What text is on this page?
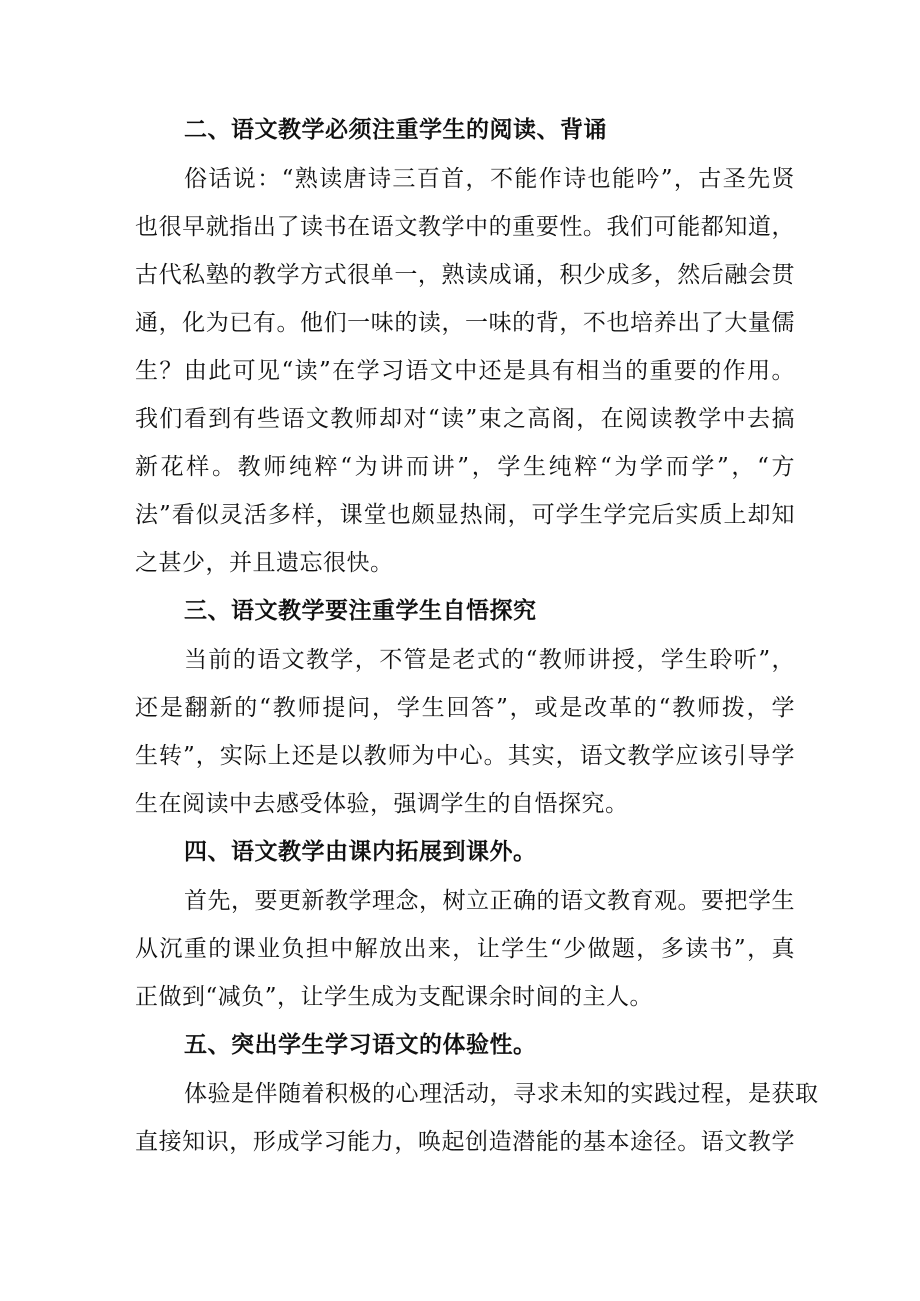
二、语文教学必须注重学生的阅读、背诵
俗话说：“熟读唐诗三百首，不能作诗也能吟”，古圣先贤
也很早就指出了读书在语文教学中的重要性。我们可能都知道，
古代私塾的教学方式很单一，熟读成诵，积少成多，然后融会贯
通，化为已有。他们一味的读，一味的背，不也培养出了大量儒
生？由此可见“读”在学习语文中还是具有相当的重要的作用。
我们看到有些语文教师却对“读”束之高阁，在阅读教学中去搞
新花样。教师纯粹“为讲而讲”，学生纯粹“为学而学”，“方
法”看似灵活多样，课堂也颇显热闹，可学生学完后实质上却知
之甚少，并且遗忘很快。
三、语文教学要注重学生自悟探究
当前的语文教学，不管是老式的“教师讲授，学生聆听”，
还是翻新的“教师提问，学生回答”，或是改革的“教师拨，学
生转”，实际上还是以教师为中心。其实，语文教学应该引导学
生在阅读中去感受体验，强调学生的自悟探究。
四、语文教学由课内拓展到课外。
首先，要更新教学理念，树立正确的语文教育观。要把学生
从沉重的课业负担中解放出来，让学生“少做题，多读书”，真
正做到“减负”，让学生成为支配课余时间的主人。
五、突出学生学习语文的体验性。
体验是伴随着积极的心理活动，寻求未知的实践过程，是获取
直接知识，形成学习能力，唤起创造潜能的基本途径。语文教学
